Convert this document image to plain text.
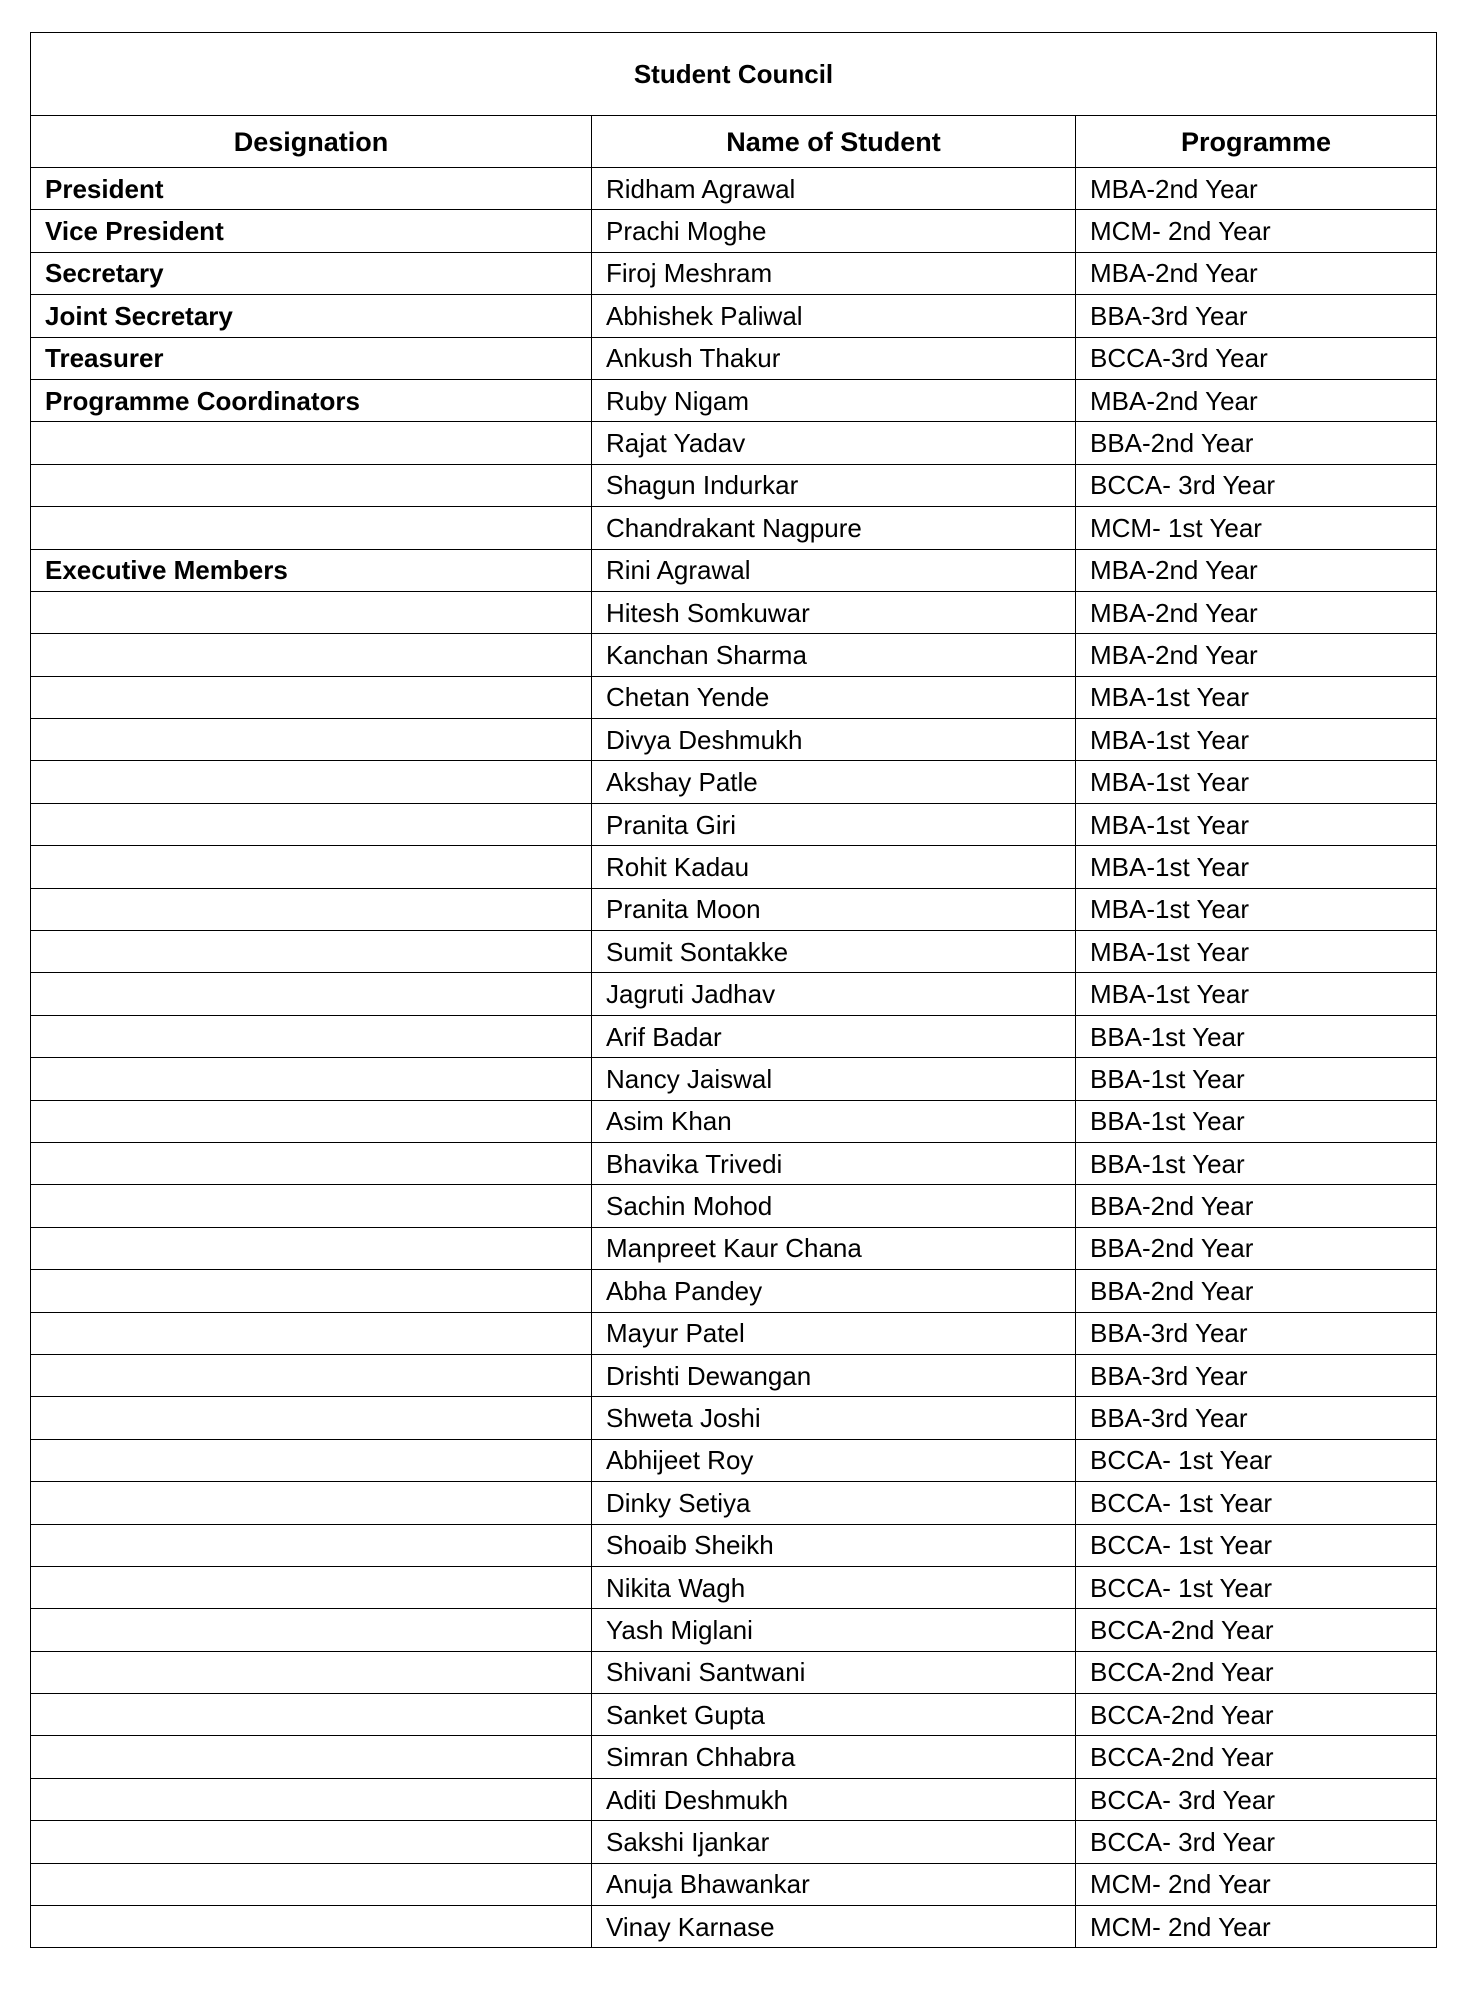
Student Council		
Designation	Name of Student	Programme
President	Ridham Agrawal	MBA-2nd Year
Vice President	Prachi Moghe	MCM- 2nd Year
Secretary	Firoj Meshram	MBA-2nd Year
Joint Secretary	Abhishek Paliwal	BBA-3rd Year
Treasurer	Ankush Thakur	BCCA-3rd Year
Programme Coordinators	Ruby Nigam	MBA-2nd Year
	Rajat Yadav	BBA-2nd Year
	Shagun Indurkar	BCCA- 3rd Year
	Chandrakant Nagpure	MCM- 1st Year
Executive Members	Rini Agrawal	MBA-2nd Year
	Hitesh Somkuwar	MBA-2nd Year
	Kanchan Sharma	MBA-2nd Year
	Chetan Yende	MBA-1st Year
	Divya Deshmukh	MBA-1st Year
	Akshay Patle	MBA-1st Year
	Pranita Giri	MBA-1st Year
	Rohit Kadau	MBA-1st Year
	Pranita Moon	MBA-1st Year
	Sumit Sontakke	MBA-1st Year
	Jagruti Jadhav	MBA-1st Year
	Arif Badar	BBA-1st Year
	Nancy Jaiswal	BBA-1st Year
	Asim Khan	BBA-1st Year
	Bhavika Trivedi	BBA-1st Year
	Sachin Mohod	BBA-2nd Year
	Manpreet Kaur Chana	BBA-2nd Year
	Abha Pandey	BBA-2nd Year
	Mayur Patel	BBA-3rd Year
	Drishti Dewangan	BBA-3rd Year
	Shweta Joshi	BBA-3rd Year
	Abhijeet Roy	BCCA- 1st Year
	Dinky Setiya	BCCA- 1st Year
	Shoaib Sheikh	BCCA- 1st Year
	Nikita Wagh	BCCA- 1st Year
	Yash Miglani	BCCA-2nd Year
	Shivani Santwani	BCCA-2nd Year
	Sanket Gupta	BCCA-2nd Year
	Simran Chhabra	BCCA-2nd Year
	Aditi Deshmukh	BCCA- 3rd Year
	Sakshi Ijankar	BCCA- 3rd Year
	Anuja Bhawankar	MCM- 2nd Year
	Vinay Karnase	MCM- 2nd Year
